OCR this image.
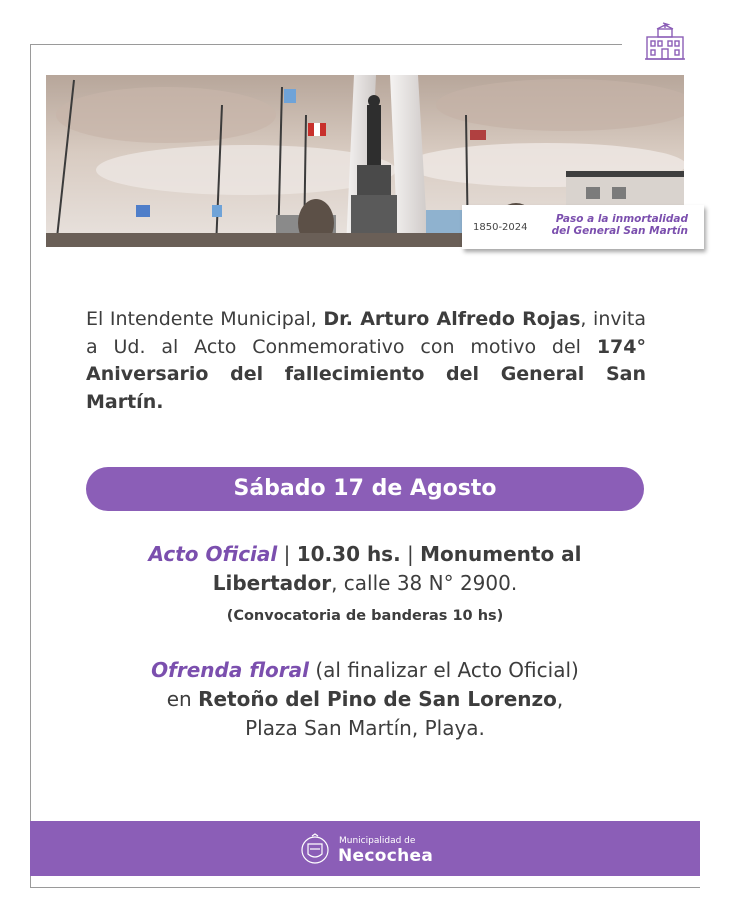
1850-2024
Paso a la inmortalidad
del General San Martín
El Intendente Municipal, Dr. Arturo Alfredo Rojas, invita a Ud. al Acto Conmemorativo con motivo del 174° Aniversario del fallecimiento del General San Martín.
Sábado 17 de Agosto
Acto Oficial | 10.30 hs. | Monumento al Libertador, calle 38 N° 2900.
(Convocatoria de banderas 10 hs)
Ofrenda floral (al finalizar el Acto Oficial)
en Retoño del Pino de San Lorenzo,
Plaza San Martín, Playa.
Municipalidad de
Necochea
